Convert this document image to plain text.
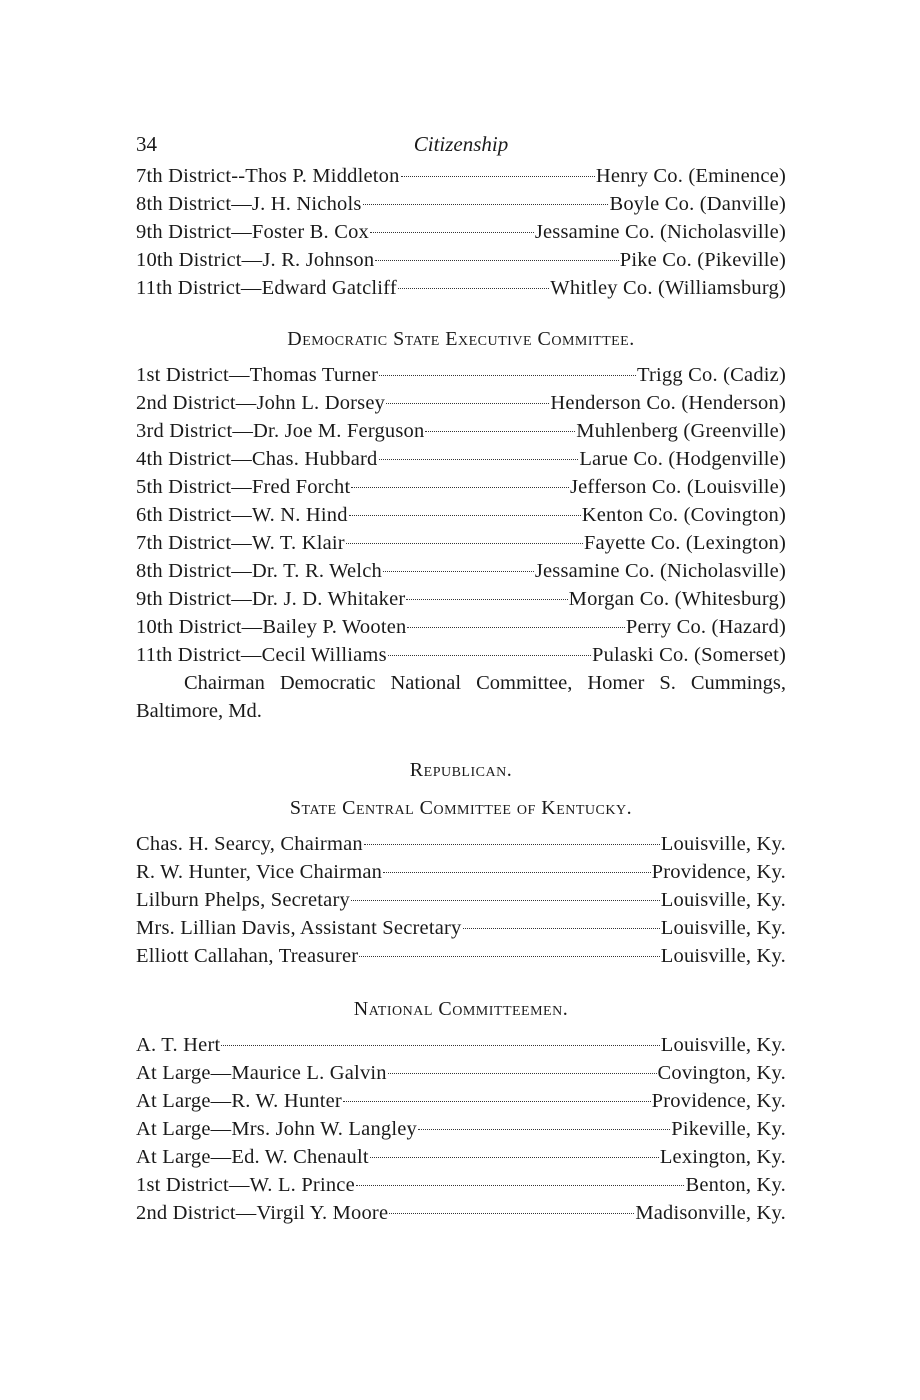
34	Citizenship
7th District--Thos P. Middleton	Henry Co. (Eminence)
8th District—J. H. Nichols	Boyle Co. (Danville)
9th District—Foster B. Cox	Jessamine Co. (Nicholasville)
10th District—J. R. Johnson	Pike Co. (Pikeville)
11th District—Edward Gatcliff	Whitley Co. (Williamsburg)
Democratic State Executive Committee.
1st District—Thomas Turner	Trigg Co. (Cadiz)
2nd District—John L. Dorsey	Henderson Co. (Henderson)
3rd District—Dr. Joe M. Ferguson	Muhlenberg (Greenville)
4th District—Chas. Hubbard	Larue Co. (Hodgenville)
5th District—Fred Forcht	Jefferson Co. (Louisville)
6th District—W. N. Hind	Kenton Co. (Covington)
7th District—W. T. Klair	Fayette Co. (Lexington)
8th District—Dr. T. R. Welch	Jessamine Co. (Nicholasville)
9th District—Dr. J. D. Whitaker	Morgan Co. (Whitesburg)
10th District—Bailey P. Wooten	Perry Co. (Hazard)
11th District—Cecil Williams	Pulaski Co. (Somerset)

Chairman Democratic National Committee, Homer S. Cummings, Baltimore, Md.

Republican.
State Central Committee of Kentucky.
Chas. H. Searcy, Chairman	Louisville, Ky.
R. W. Hunter, Vice Chairman	Providence, Ky.
Lilburn Phelps, Secretary	Louisville, Ky.
Mrs. Lillian Davis, Assistant Secretary	Louisville, Ky.
Elliott Callahan, Treasurer	Louisville, Ky.
National Committeemen.
A. T. Hert	Louisville, Ky.
At Large—Maurice L. Galvin	Covington, Ky.
At Large—R. W. Hunter	Providence, Ky.
At Large—Mrs. John W. Langley	Pikeville, Ky.
At Large—Ed. W. Chenault	Lexington, Ky.
1st District—W. L. Prince	Benton, Ky.
2nd District—Virgil Y. Moore	Madisonville, Ky.
